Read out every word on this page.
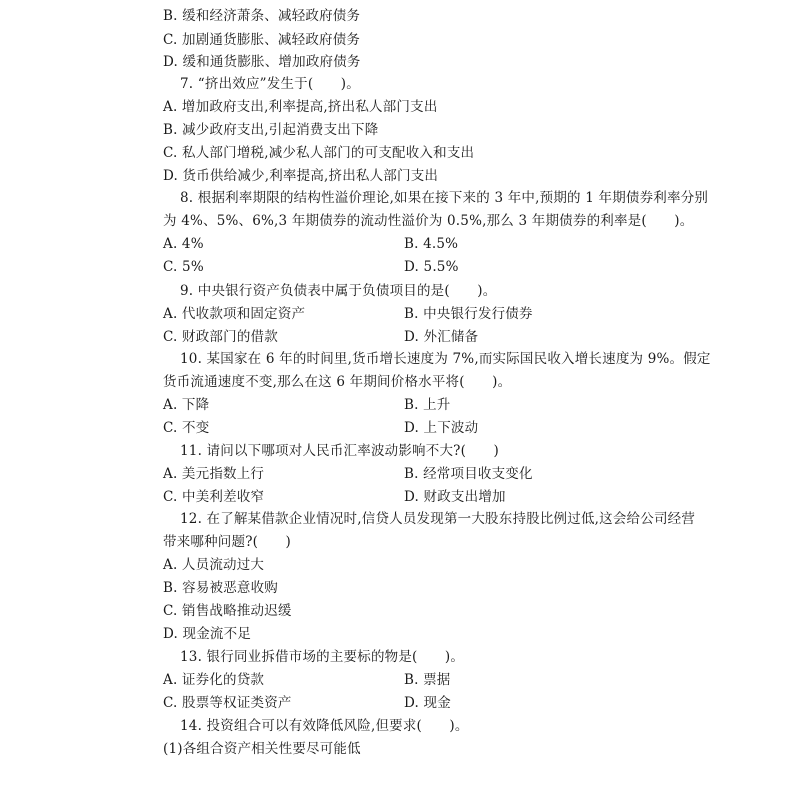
B. 缓和经济萧条、减轻政府债务
C. 加剧通货膨胀、减轻政府债务
D. 缓和通货膨胀、增加政府债务
7. “挤出效应”发生于(　　)。
A. 增加政府支出,利率提高,挤出私人部门支出
B. 减少政府支出,引起消费支出下降
C. 私人部门增税,减少私人部门的可支配收入和支出
D. 货币供给减少,利率提高,挤出私人部门支出
8. 根据利率期限的结构性溢价理论,如果在接下来的 3 年中,预期的 1 年期债券利率分别
为 4%、5%、6%,3 年期债券的流动性溢价为 0.5%,那么 3 年期债券的利率是(　　)。
A. 4%	B. 4.5%
C. 5%	D. 5.5%
9. 中央银行资产负债表中属于负债项目的是(　　)。
A. 代收款项和固定资产	B. 中央银行发行债券
C. 财政部门的借款	D. 外汇储备
10. 某国家在 6 年的时间里,货币增长速度为 7%,而实际国民收入增长速度为 9%。假定
货币流通速度不变,那么在这 6 年期间价格水平将(　　)。
A. 下降	B. 上升
C. 不变	D. 上下波动
11. 请问以下哪项对人民币汇率波动影响不大?(　　)
A. 美元指数上行	B. 经常项目收支变化
C. 中美利差收窄	D. 财政支出增加
12. 在了解某借款企业情况时,信贷人员发现第一大股东持股比例过低,这会给公司经营
带来哪种问题?(　　)
A. 人员流动过大
B. 容易被恶意收购
C. 销售战略推动迟缓
D. 现金流不足
13. 银行同业拆借市场的主要标的物是(　　)。
A. 证券化的贷款	B. 票据
C. 股票等权证类资产	D. 现金
14. 投资组合可以有效降低风险,但要求(　　)。
(1)各组合资产相关性要尽可能低
